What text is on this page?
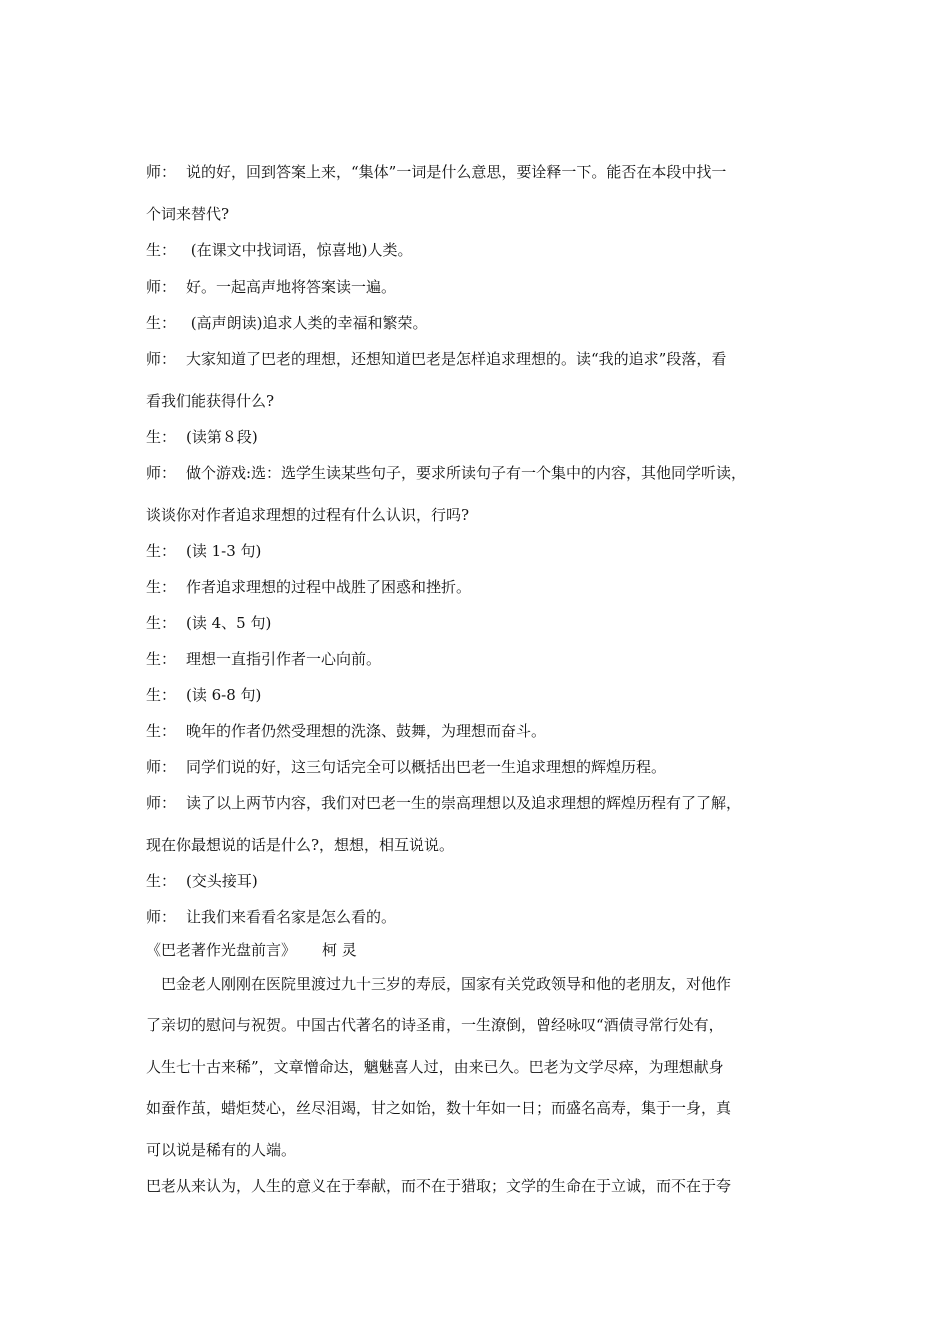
师： 说的好，回到答案上来，“集体”一词是什么意思，要诠释一下。能否在本段中找一
个词来替代?
生： (在课文中找词语，惊喜地)人类。
师： 好。一起高声地将答案读一遍。
生： (高声朗读)追求人类的幸福和繁荣。
师： 大家知道了巴老的理想，还想知道巴老是怎样追求理想的。读“我的追求”段落，看
看我们能获得什么?
生： (读第８段)
师： 做个游戏:选：选学生读某些句子，要求所读句子有一个集中的内容，其他同学听读，
谈谈你对作者追求理想的过程有什么认识，行吗?
生： (读 1-3 句)
生： 作者追求理想的过程中战胜了困惑和挫折。
生： (读 4、5 句)
生： 理想一直指引作者一心向前。
生： (读 6-8 句)
生： 晚年的作者仍然受理想的洗涤、鼓舞，为理想而奋斗。
师： 同学们说的好，这三句话完全可以概括出巴老一生追求理想的辉煌历程。
师： 读了以上两节内容，我们对巴老一生的崇高理想以及追求理想的辉煌历程有了了解，
现在你最想说的话是什么?，想想，相互说说。
生： (交头接耳)
师： 让我们来看看名家是怎么看的。
《巴老著作光盘前言》 柯 灵
巴金老人刚刚在医院里渡过九十三岁的寿辰，国家有关党政领导和他的老朋友，对他作
了亲切的慰问与祝贺。中国古代著名的诗圣甫，一生潦倒，曾经咏叹“酒债寻常行处有，
人生七十古来稀”，文章憎命达，魑魅喜人过，由来已久。巴老为文学尽瘁，为理想献身
如蚕作茧，蜡炬焚心，丝尽泪竭，甘之如饴，数十年如一日；而盛名高寿，集于一身，真
可以说是稀有的人端。
巴老从来认为，人生的意义在于奉献，而不在于猎取；文学的生命在于立诚，而不在于夸
